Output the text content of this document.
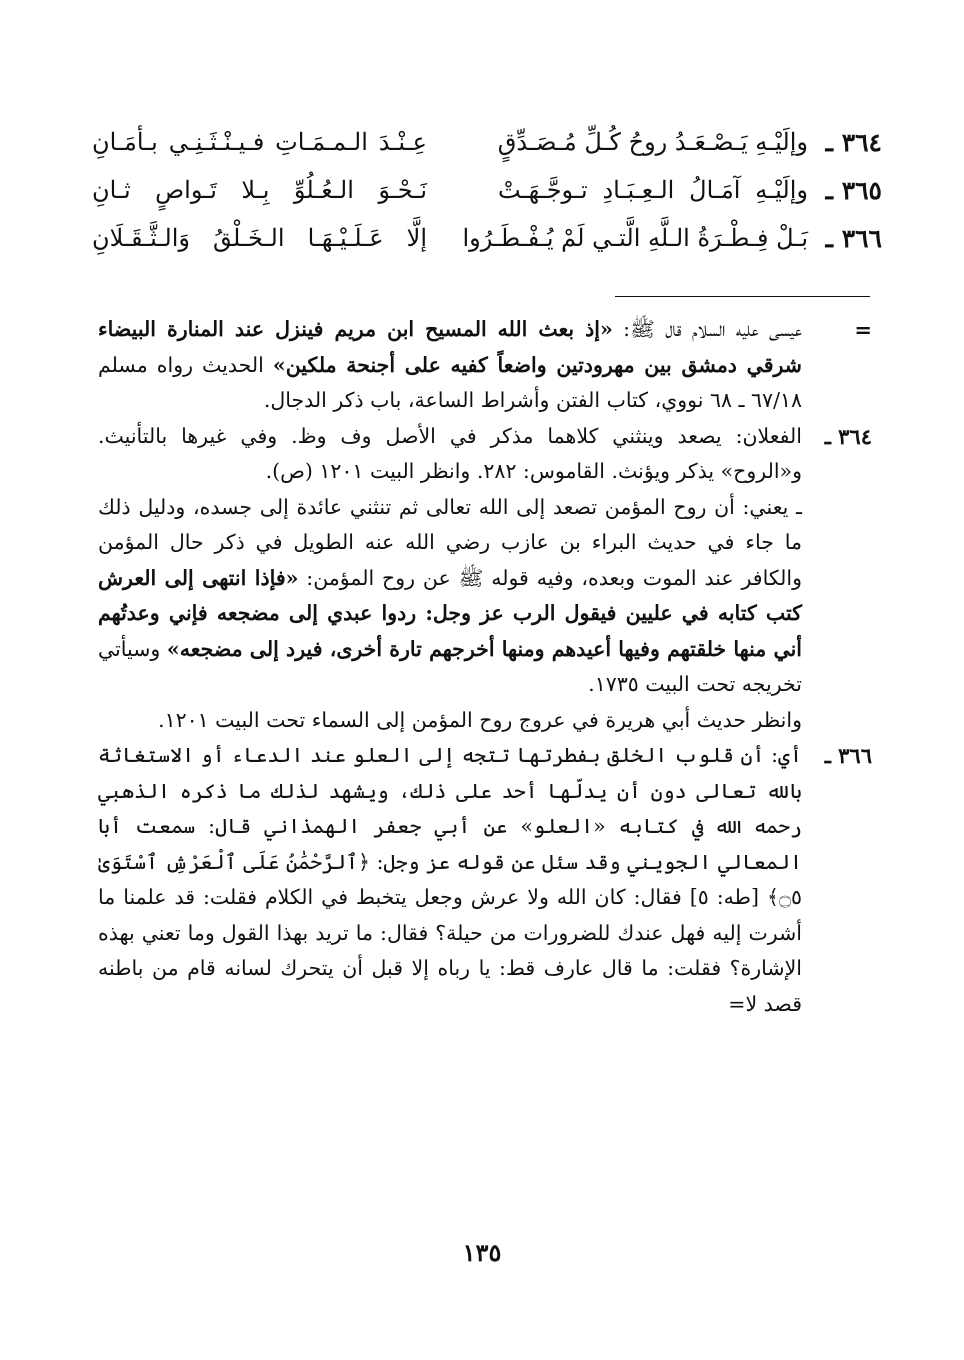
٣٦٤ ـ
وإلَيْـهِ يَـصْـعَـدُ روحُ كُـلِّ مُـصَـدِّقٍ
عِـنْـدَ الـمـمَـاتِ فـيـنْـثَـنِـي بـأمَـانِ
٣٦٥ ـ
وإلَيْـهِ آمَـالُ الـعِـبَـادِ تـوجَّـهَـتْ
نَـحْـوَ الـعُـلُوِّ بِـلا تَـواصٍ ثـانِ
٣٦٦ ـ
بَـلْ فِـطْـرَةُ الـلَّهِ الَّتـي لَمْ يُـفْـطَـرُوا
إلَّا عَـلَـيْـهَـا الـخَـلْقُ وَالـثَّـقَـلَانِ
=

عيسى عليه السلام قال ﷺ: «إذ بعث الله المسيح ابن مريم فينزل عند المنارة البيضاء شرقي دمشق بين مهرودتين واضعاً كفيه على أجنحة ملكين» الحديث رواه مسلم ٦٧/١٨ ـ ٦٨ نووي، كتاب الفتن وأشراط الساعة، باب ذكر الدجال.

٣٦٤ ـ

الفعلان: يصعد وينثني كلاهما مذكر في الأصل وف وظ. وفي غيرها بالتأنيث. و«الروح» يذكر ويؤنث. القاموس: ٢٨٢. وانظر البيت ١٢٠١ (ص).

ـ يعني: أن روح المؤمن تصعد إلى الله تعالى ثم تنثني عائدة إلى جسده، ودليل ذلك ما جاء في حديث البراء بن عازب رضي الله عنه الطويل في ذكر حال المؤمن والكافر عند الموت وبعده، وفيه قوله ﷺ عن روح المؤمن: «فإذا انتهى إلى العرش كتب كتابه في عليين فيقول الرب عز وجل: ردوا عبدي إلى مضجعه فإني وعدتُهم أني منها خلقتهم وفيها أعيدهم ومنها أخرجهم تارة أخرى، فيرد إلى مضجعه» وسيأتي تخريجه تحت البيت ١٧٣٥.

وانظر حديث أبي هريرة في عروج روح المؤمن إلى السماء تحت البيت ١٢٠١.

٣٦٦ ـ

أي: أن قلوب الخلق بفطرتها تتجه إلى العلو عند الدعاء أو الاستغاثة بالله تعالى دون أن يدلّها أحد على ذلك، ويشهد لذلك ما ذكره الذهبي رحمه الله في كتابه «العلو» عن أبي جعفر الهمذاني قال: سمعت أبا المعالي الجويني وقد سئل عن قوله عز وجل: ﴿ٱلرَّحْمَٰنُ عَلَى ٱلْعَرْشِ ٱسْتَوَىٰ ۝٥﴾ [طه: ٥] فقال: كان الله ولا عرش وجعل يتخبط في الكلام فقلت: قد علمنا ما أشرت إليه فهل عندك للضرورات من حيلة؟ فقال: ما تريد بهذا القول وما تعني بهذه الإشارة؟ فقلت: ما قال عارف قط: يا رباه إلا قبل أن يتحرك لسانه قام من باطنه قصد لا=

١٣٥
